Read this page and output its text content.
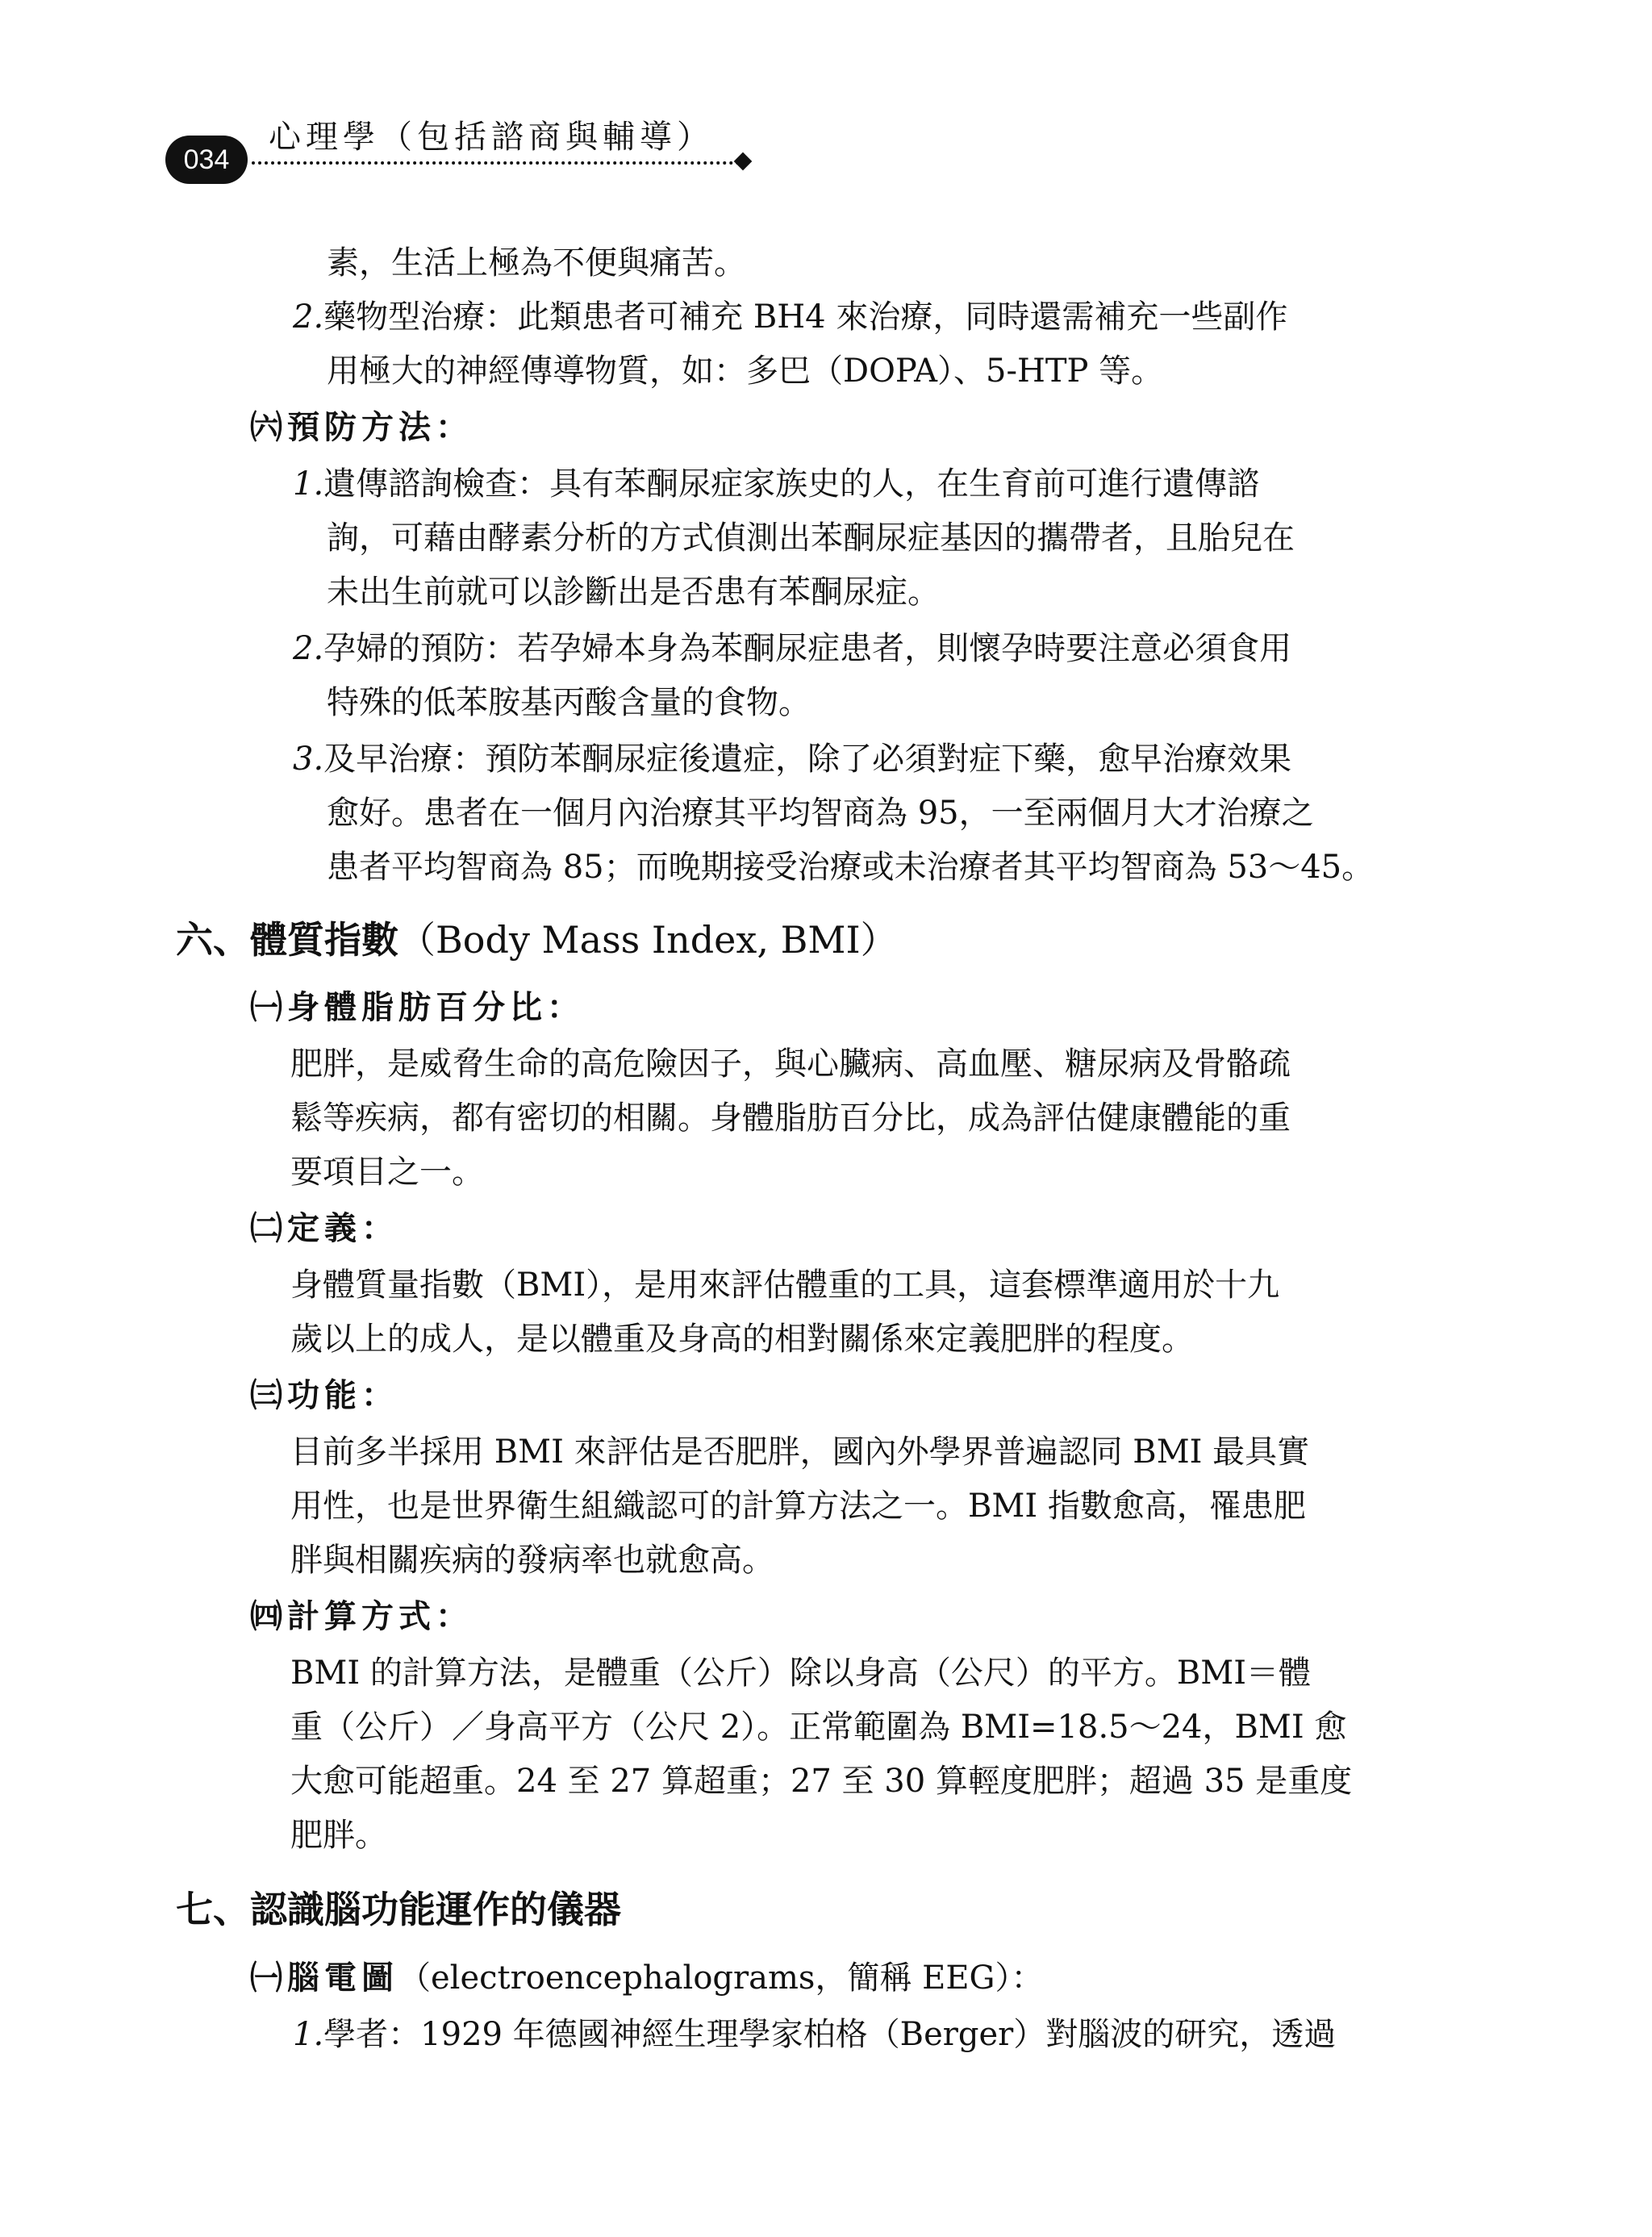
034
心理學（包括諮商與輔導）
素，生活上極為不便與痛苦。
2.藥物型治療：此類患者可補充 BH4 來治療，同時還需補充一些副作
用極大的神經傳導物質，如：多巴（DOPA）、5-HTP 等。
㈥預防方法：
1.遺傳諮詢檢查：具有苯酮尿症家族史的人，在生育前可進行遺傳諮
詢，可藉由酵素分析的方式偵測出苯酮尿症基因的攜帶者，且胎兒在
未出生前就可以診斷出是否患有苯酮尿症。
2.孕婦的預防：若孕婦本身為苯酮尿症患者，則懷孕時要注意必須食用
特殊的低苯胺基丙酸含量的食物。
3.及早治療：預防苯酮尿症後遺症，除了必須對症下藥，愈早治療效果
愈好。患者在一個月內治療其平均智商為 95，一至兩個月大才治療之
患者平均智商為 85；而晚期接受治療或未治療者其平均智商為 53～45。
六、體質指數（Body Mass Index, BMI）
㈠身體脂肪百分比：
肥胖，是威脅生命的高危險因子，與心臟病、高血壓、糖尿病及骨骼疏
鬆等疾病，都有密切的相關。身體脂肪百分比，成為評估健康體能的重
要項目之一。
㈡定義：
身體質量指數（BMI），是用來評估體重的工具，這套標準適用於十九
歲以上的成人，是以體重及身高的相對關係來定義肥胖的程度。
㈢功能：
目前多半採用 BMI 來評估是否肥胖，國內外學界普遍認同 BMI 最具實
用性，也是世界衛生組織認可的計算方法之一。BMI 指數愈高，罹患肥
胖與相關疾病的發病率也就愈高。
㈣計算方式：
BMI 的計算方法，是體重（公斤）除以身高（公尺）的平方。BMI＝體
重（公斤）／身高平方（公尺 2）。正常範圍為 BMI=18.5～24，BMI 愈
大愈可能超重。24 至 27 算超重；27 至 30 算輕度肥胖；超過 35 是重度
肥胖。
七、認識腦功能運作的儀器
㈠腦電圖（electroencephalograms，簡稱 EEG）：
1.學者：1929 年德國神經生理學家柏格（Berger）對腦波的研究，透過
